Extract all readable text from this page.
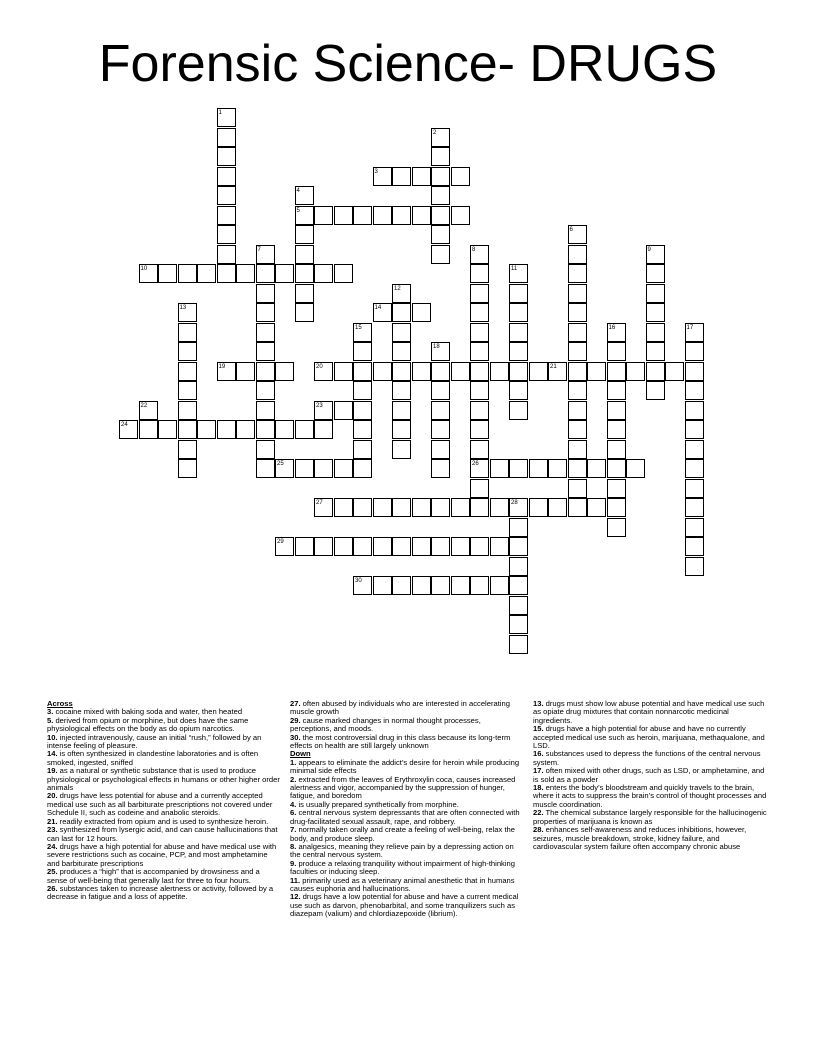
Forensic Science- DRUGS
1
2
3
4
5
6
7	8
26
9
10	11
12
13	14
15	16	17
18
19	20	21
22	23
24
25
27	28
29
30

Across

3. cocaine mixed with baking soda and water, then heated

5. derived from opium or morphine, but does have the same physiological effects on the body as do opium narcotics.

10. injected intravenously, cause an initial “rush,” followed by an intense feeling of pleasure.

14. is often synthesized in clandestine laboratories and is often smoked, ingested, sniffed

19. as a natural or synthetic substance that is used to produce physiological or psychological effects in humans or other higher order animals

20. drugs have less potential for abuse and a currently accepted medical use such as all barbiturate prescriptions not covered under Schedule II, such as codeine and anabolic steroids.

21. readily extracted from opium and is used to synthesize heroin.

23. synthesized from lysergic acid, and can cause hallucinations that can last for 12 hours.

24. drugs have a high potential for abuse and have medical use with severe restrictions such as cocaine, PCP, and most amphetamine and barbiturate prescriptions

25. produces a “high” that is accompanied by drowsiness and a sense of well-being that generally last for three to four hours.

26. substances taken to increase alertness or activity, followed by a decrease in fatigue and a loss of appetite.

27. often abused by individuals who are interested in accelerating muscle growth

29. cause marked changes in normal thought processes, perceptions, and moods.

30. the most controversial drug in this class because its long-term effects on health are still largely unknown

Down

1. appears to eliminate the addict’s desire for heroin while producing minimal side effects

2. extracted from the leaves of Erythroxylin coca, causes increased alertness and vigor, accompanied by the suppression of hunger, fatigue, and boredom

4. is usually prepared synthetically from morphine.

6. central nervous system depressants that are often connected with drug-facilitated sexual assault, rape, and robbery.

7. normally taken orally and create a feeling of well-being, relax the body, and produce sleep.

8. analgesics, meaning they relieve pain by a depressing action on the central nervous system.

9. produce a relaxing tranquility without impairment of high-thinking faculties or inducing sleep.

11. primarily used as a veterinary animal anesthetic that in humans causes euphoria and hallucinations.

12. drugs have a low potential for abuse and have a current medical use such as darvon, phenobarbital, and some tranquilizers such as diazepam (valium) and chlordiazepoxide (librium).

13. drugs must show low abuse potential and have medical use such as opiate drug mixtures that contain nonnarcotic medicinal ingredients.

15. drugs have a high potential for abuse and have no currently accepted medical use such as heroin, marijuana, methaqualone, and LSD.

16. substances used to depress the functions of the central nervous system.

17. often mixed with other drugs, such as LSD, or amphetamine, and is sold as a powder

18. enters the body’s bloodstream and quickly travels to the brain, where it acts to suppress the brain’s control of thought processes and muscle coordination.

22. The chemical substance largely responsible for the hallucinogenic properties of marijuana is known as

28. enhances self-awareness and reduces inhibitions, however, seizures, muscle breakdown, stroke, kidney failure, and cardiovascular system failure often accompany chronic abuse
